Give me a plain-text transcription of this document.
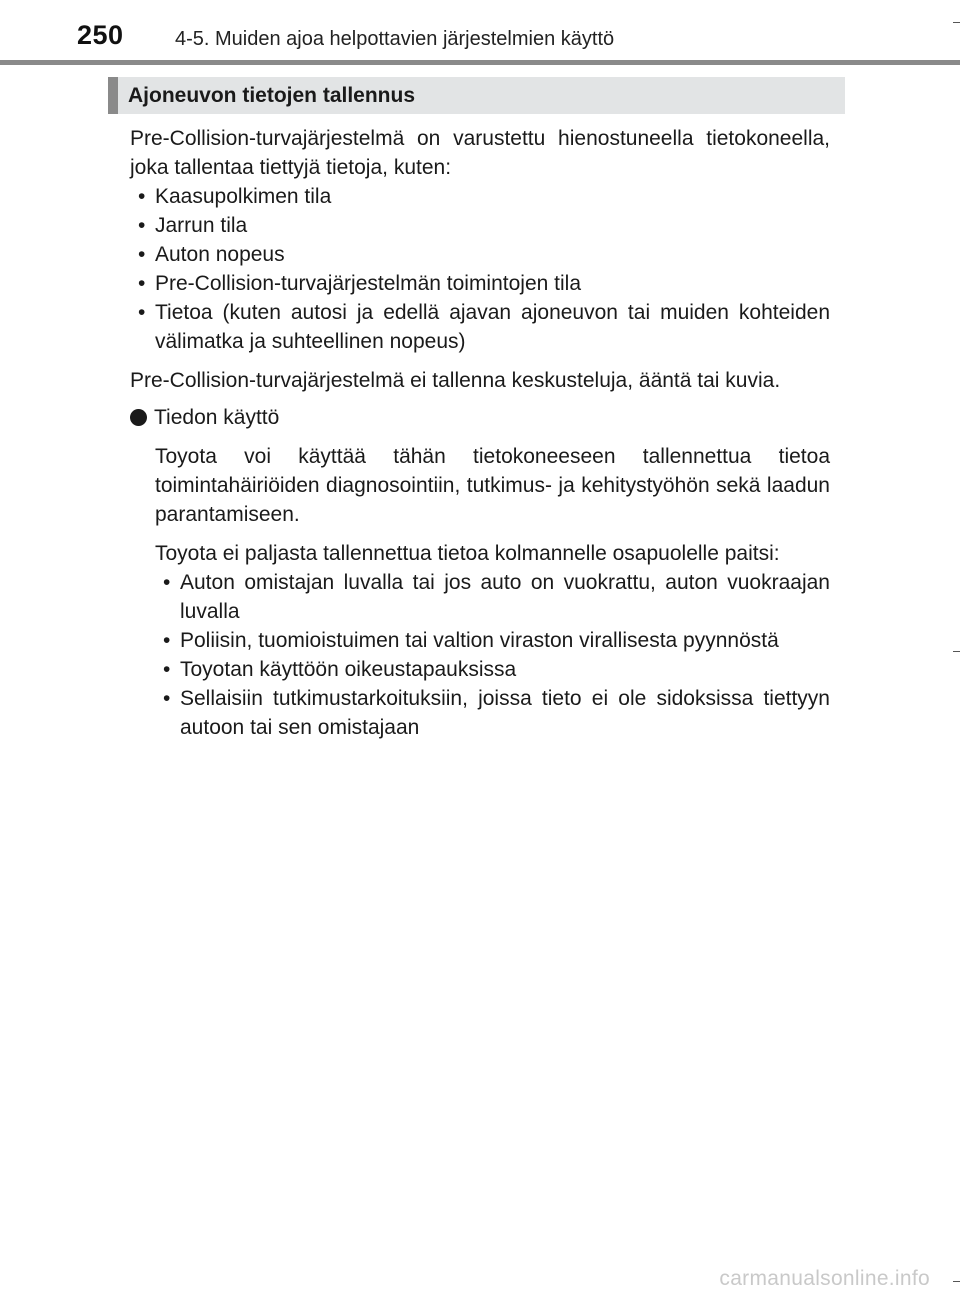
250	4-5. Muiden ajoa helpottavien järjestelmien käyttö
Ajoneuvon tietojen tallennus

Pre-Collision-turvajärjestelmä on varustettu hienostuneella tietokoneella, joka tallentaa tiettyjä tietoja, kuten:

• Kaasupolkimen tila
• Jarrun tila
• Auton nopeus
• Pre-Collision-turvajärjestelmän toimintojen tila
• Tietoa (kuten autosi ja edellä ajavan ajoneuvon tai muiden kohteiden välimatka ja suhteellinen nopeus)

Pre-Collision-turvajärjestelmä ei tallenna keskusteluja, ääntä tai kuvia.

Tiedon käyttö

Toyota voi käyttää tähän tietokoneeseen tallennettua tietoa toimintahäiriöiden diagnosointiin, tutkimus- ja kehitystyöhön sekä laadun parantamiseen.

Toyota ei paljasta tallennettua tietoa kolmannelle osapuolelle paitsi:

• Auton omistajan luvalla tai jos auto on vuokrattu, auton vuokraajan luvalla
• Poliisin, tuomioistuimen tai valtion viraston virallisesta pyynnöstä
• Toyotan käyttöön oikeustapauksissa
• Sellaisiin tutkimustarkoituksiin, joissa tieto ei ole sidoksissa tiettyyn autoon tai sen omistajaan
carmanualsonline.info
